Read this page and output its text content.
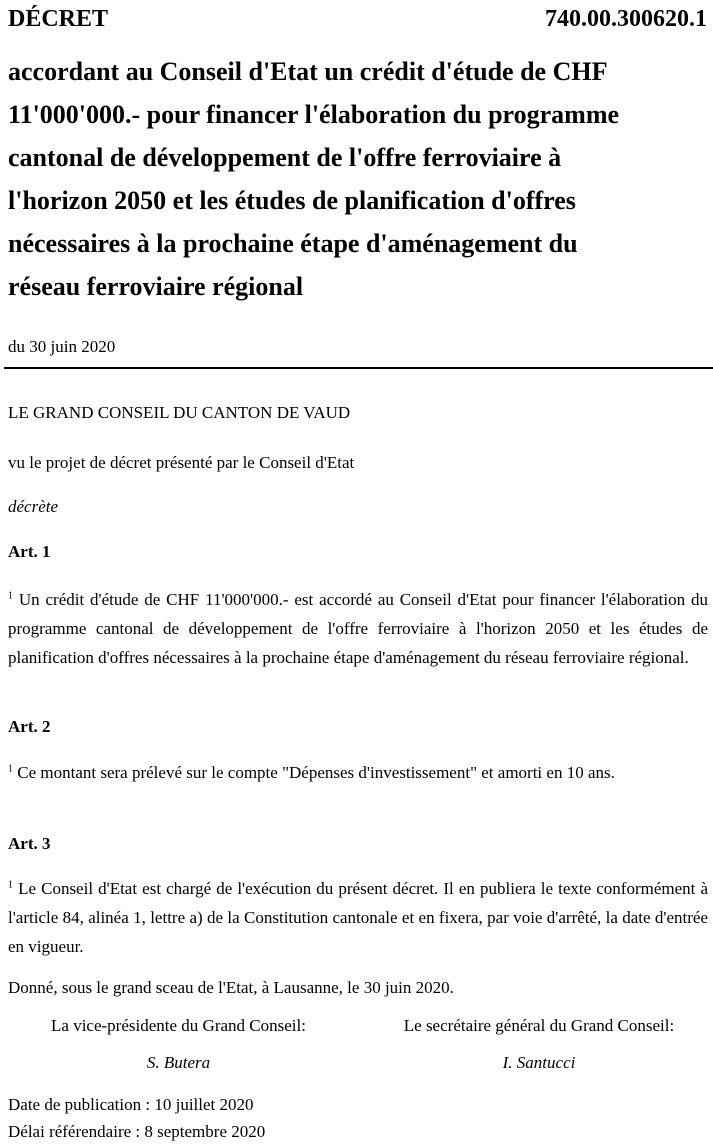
DÉCRET	740.00.300620.1
accordant au Conseil d'Etat un crédit d'étude de CHF
11'000'000.- pour financer l'élaboration du programme
cantonal de développement de l'offre ferroviaire à
l'horizon 2050 et les études de planification d'offres
nécessaires à la prochaine étape d'aménagement du
réseau ferroviaire régional
du 30 juin 2020
LE GRAND CONSEIL DU CANTON DE VAUD
vu le projet de décret présenté par le Conseil d'Etat
décrète
Art. 1
$^1$ Un crédit d'étude de CHF 11'000'000.- est accordé au Conseil d'Etat pour financer l'élaboration du programme cantonal de développement de l'offre ferroviaire à l'horizon 2050 et les études de planification d'offres nécessaires à la prochaine étape d'aménagement du réseau ferroviaire régional.
Art. 2
$^1$ Ce montant sera prélevé sur le compte "Dépenses d'investissement" et amorti en 10 ans.
Art. 3
$^1$ Le Conseil d'Etat est chargé de l'exécution du présent décret. Il en publiera le texte conformément à l'article 84, alinéa 1, lettre a) de la Constitution cantonale et en fixera, par voie d'arrêté, la date d'entrée en vigueur.
Donné, sous le grand sceau de l'Etat, à Lausanne, le 30 juin 2020.
La vice-présidente du Grand Conseil:	Le secrétaire général du Grand Conseil:
S. Butera	I. Santucci
Date de publication : 10 juillet 2020
Délai référendaire : 8 septembre 2020
